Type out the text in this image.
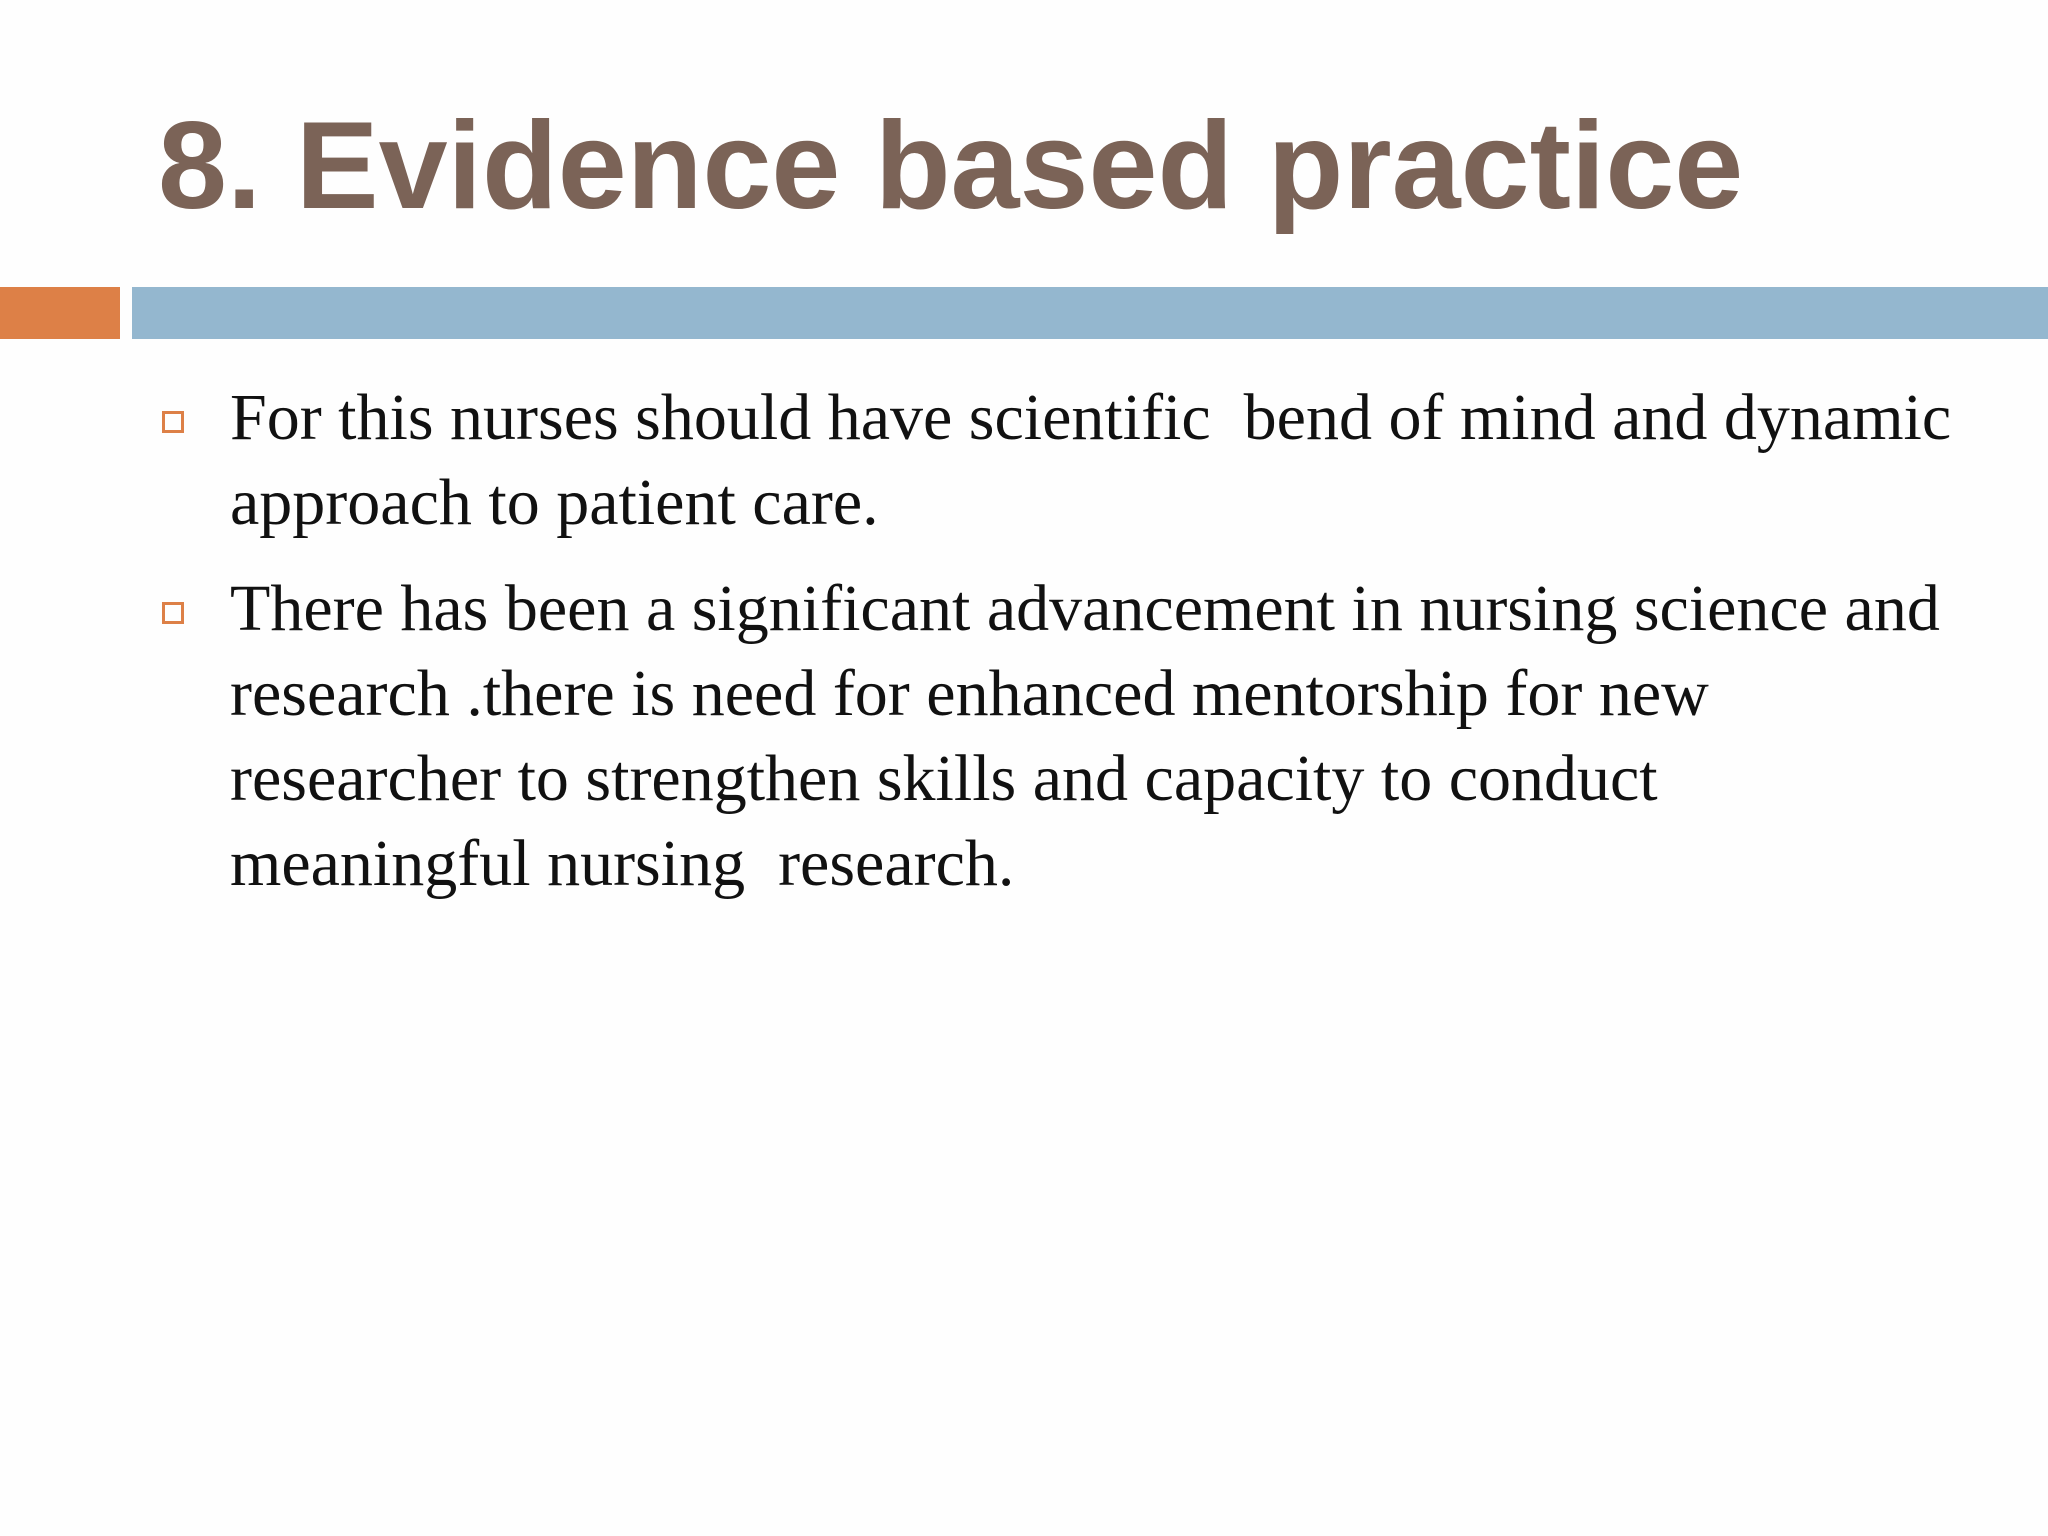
8. Evidence based practice
For this nurses should have scientific  bend of mind and dynamic approach to patient care.
There has been a significant advancement in nursing science and research .there is need for enhanced mentorship for new researcher to strengthen skills and capacity to conduct meaningful nursing  research.
